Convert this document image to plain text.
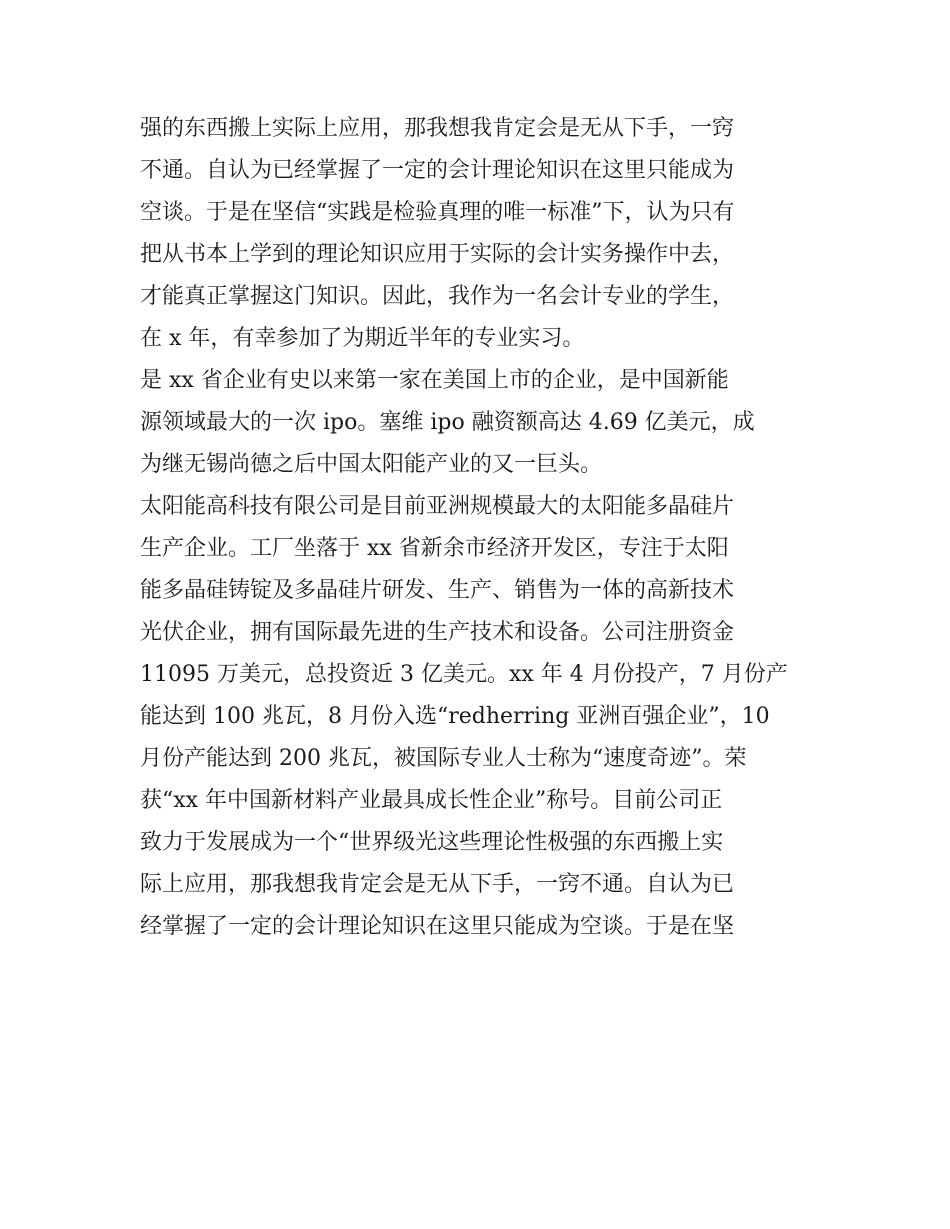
强的东西搬上实际上应用，那我想我肯定会是无从下手，一窍
不通。自认为已经掌握了一定的会计理论知识在这里只能成为
空谈。于是在坚信“实践是检验真理的唯一标准”下，认为只有
把从书本上学到的理论知识应用于实际的会计实务操作中去，
才能真正掌握这门知识。因此，我作为一名会计专业的学生，
在 x 年，有幸参加了为期近半年的专业实习。
是 xx 省企业有史以来第一家在美国上市的企业，是中国新能
源领域最大的一次 ipo。塞维 ipo 融资额高达 4.69 亿美元，成
为继无锡尚德之后中国太阳能产业的又一巨头。
太阳能高科技有限公司是目前亚洲规模最大的太阳能多晶硅片
生产企业。工厂坐落于 xx 省新余市经济开发区，专注于太阳
能多晶硅铸锭及多晶硅片研发、生产、销售为一体的高新技术
光伏企业，拥有国际最先进的生产技术和设备。公司注册资金
11095 万美元，总投资近 3 亿美元。xx 年 4 月份投产，7 月份产
能达到 100 兆瓦，8 月份入选“redherring 亚洲百强企业”，10
月份产能达到 200 兆瓦，被国际专业人士称为“速度奇迹”。荣
获“xx 年中国新材料产业最具成长性企业”称号。目前公司正
致力于发展成为一个“世界级光这些理论性极强的东西搬上实
际上应用，那我想我肯定会是无从下手，一窍不通。自认为已
经掌握了一定的会计理论知识在这里只能成为空谈。于是在坚
